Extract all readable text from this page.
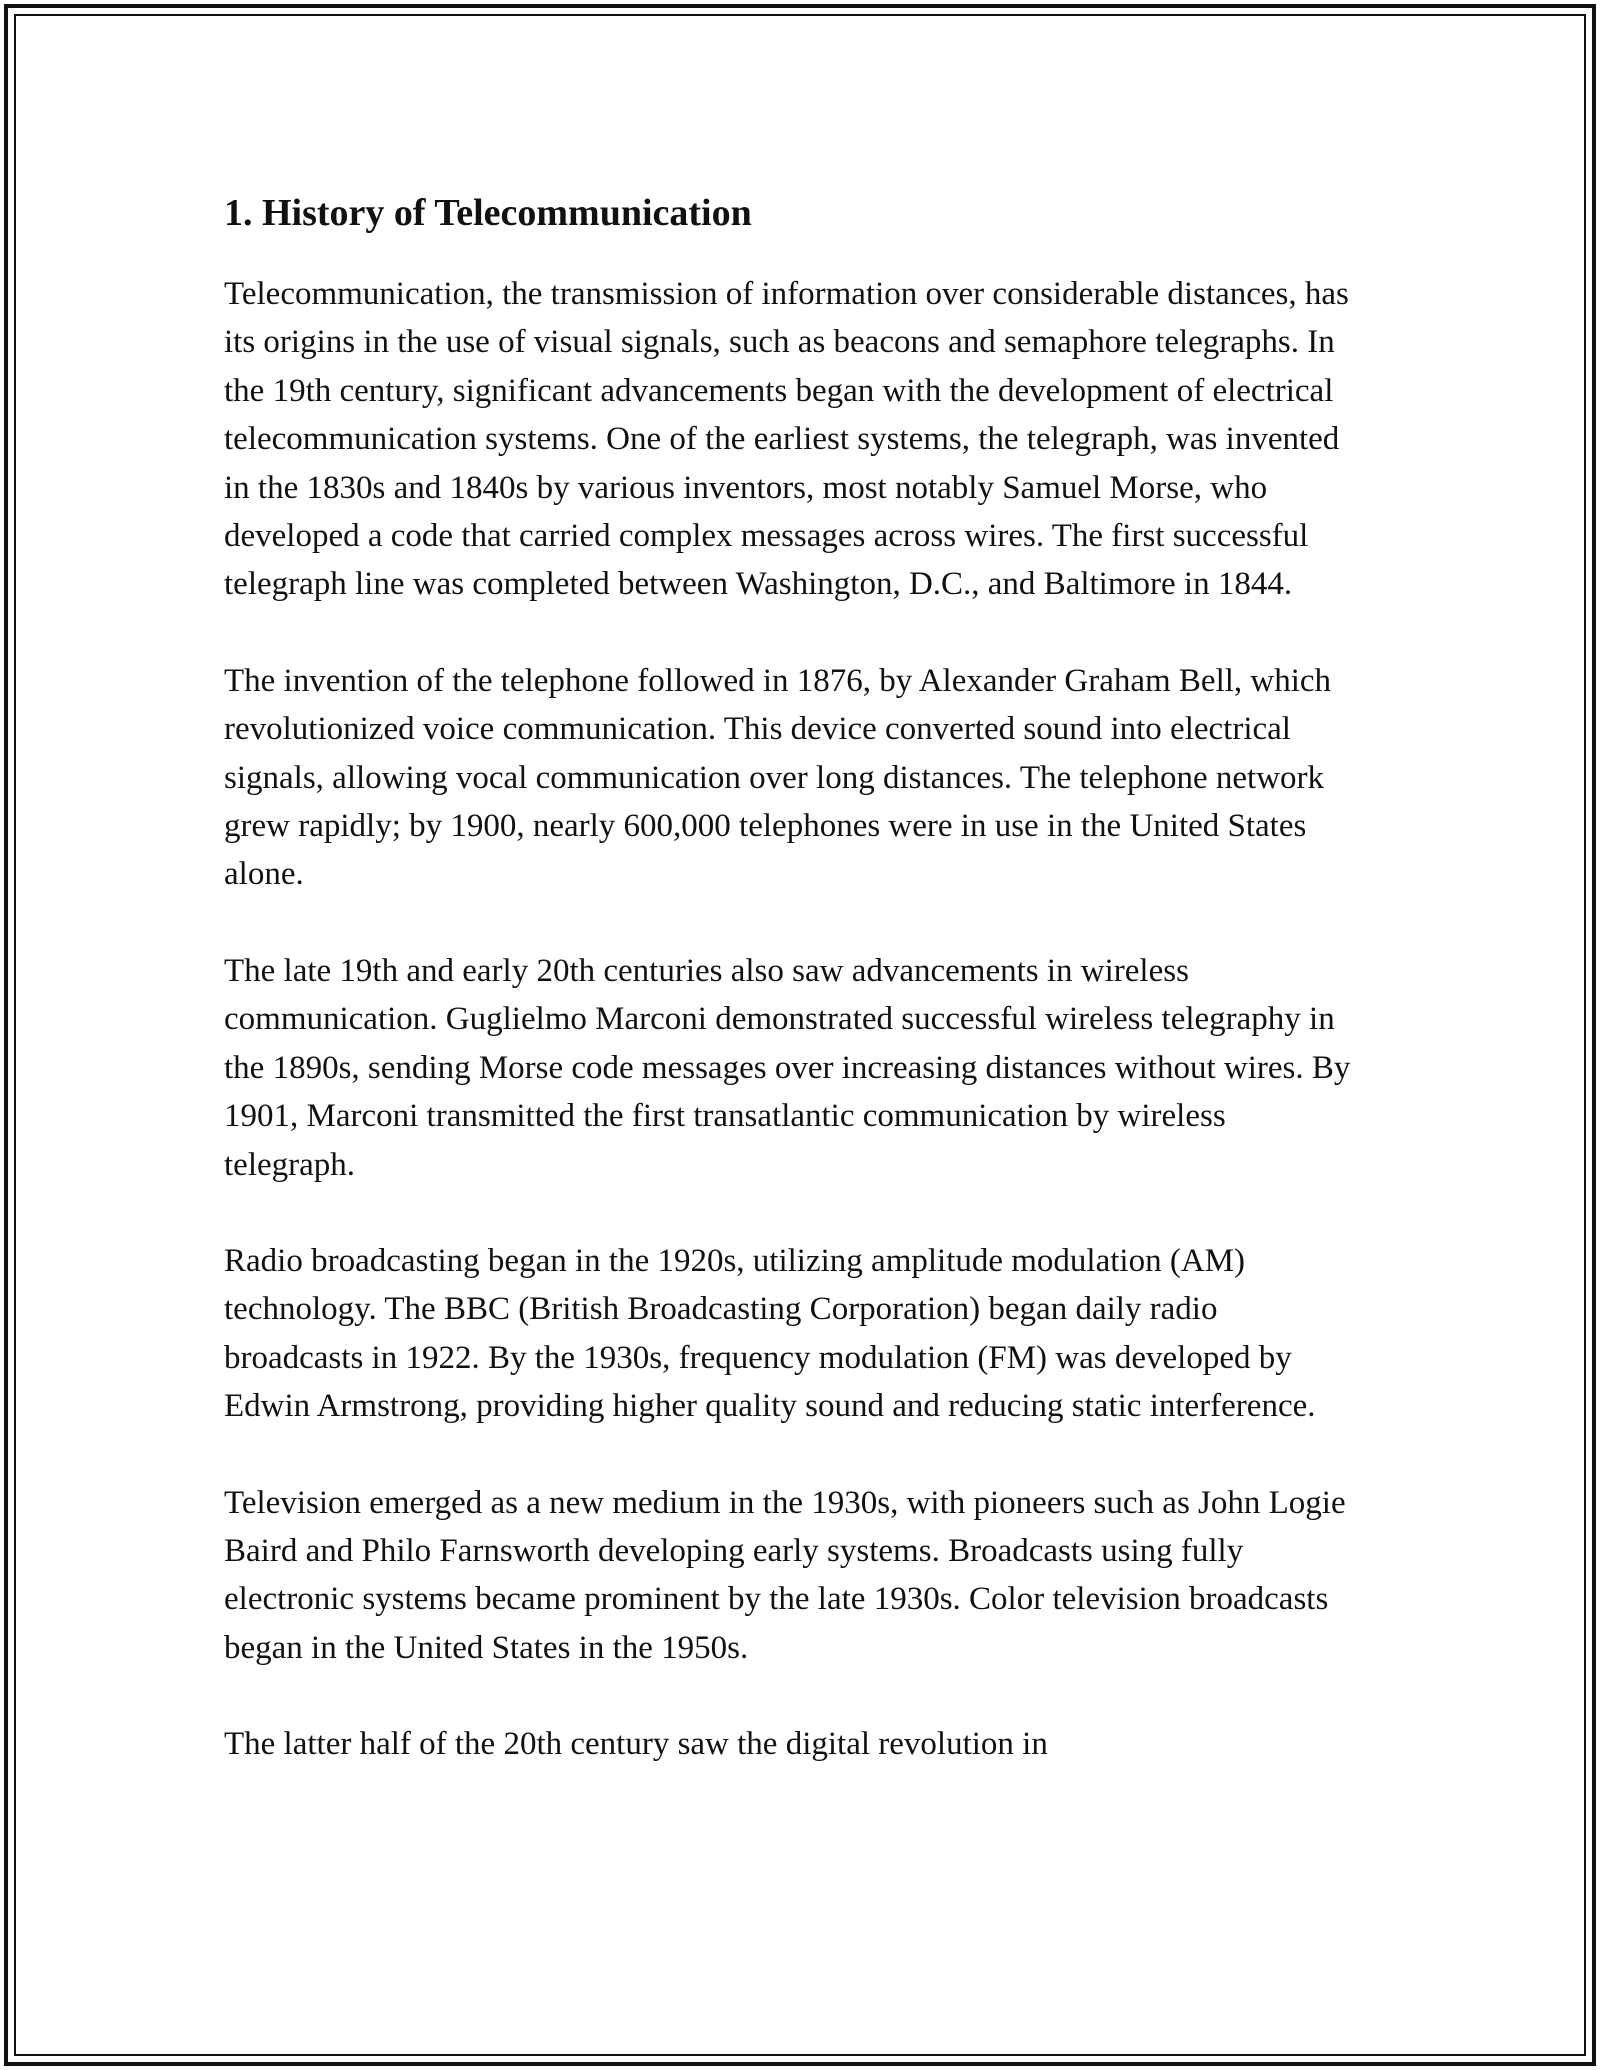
1. History of Telecommunication

Telecommunication, the transmission of information over considerable distances, has its origins in the use of visual signals, such as beacons and semaphore telegraphs. In the 19th century, significant advancements began with the development of electrical telecommunication systems. One of the earliest systems, the telegraph, was invented in the 1830s and 1840s by various inventors, most notably Samuel Morse, who developed a code that carried complex messages across wires. The first successful telegraph line was completed between Washington, D.C., and Baltimore in 1844.

The invention of the telephone followed in 1876, by Alexander Graham Bell, which revolutionized voice communication. This device converted sound into electrical signals, allowing vocal communication over long distances. The telephone network grew rapidly; by 1900, nearly 600,000 telephones were in use in the United States alone.

The late 19th and early 20th centuries also saw advancements in wireless communication. Guglielmo Marconi demonstrated successful wireless telegraphy in the 1890s, sending Morse code messages over increasing distances without wires. By 1901, Marconi transmitted the first transatlantic communication by wireless telegraph.

Radio broadcasting began in the 1920s, utilizing amplitude modulation (AM) technology. The BBC (British Broadcasting Corporation) began daily radio broadcasts in 1922. By the 1930s, frequency modulation (FM) was developed by Edwin Armstrong, providing higher quality sound and reducing static interference.

Television emerged as a new medium in the 1930s, with pioneers such as John Logie Baird and Philo Farnsworth developing early systems. Broadcasts using fully electronic systems became prominent by the late 1930s. Color television broadcasts began in the United States in the 1950s.

The latter half of the 20th century saw the digital revolution in
